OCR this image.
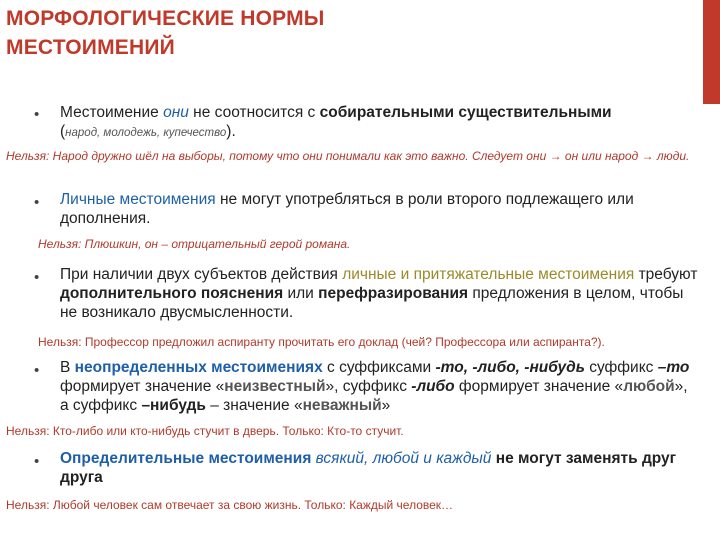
МОРФОЛОГИЧЕСКИЕ НОРМЫ
МЕСТОИМЕНИЙ
• Местоимение они не соотносится с собирательными существительными
(народ, молодежь, купечество).
Нельзя: Народ дружно шёл на выборы, потому что они понимали как это важно. Следует они → он или народ → люди.
• Личные местоимения не могут употребляться в роли второго подлежащего или дополнения.
Нельзя: Плюшкин, он – отрицательный герой романа.
• При наличии двух субъектов действия личные и притяжательные местоимения требуют дополнительного пояснения или перефразирования предложения в целом, чтобы не возникало двусмысленности.
Нельзя: Профессор предложил аспиранту прочитать его доклад (чей? Профессора или аспиранта?).
• В неопределенных местоимениях с суффиксами -то, -либо, -нибудь суффикс –то формирует значение «неизвестный», суффикс -либо формирует значение «любой», а суффикс –нибудь – значение «неважный»
Нельзя: Кто-либо или кто-нибудь стучит в дверь. Только: Кто-то стучит.
• Определительные местоимения всякий, любой и каждый не могут заменять друг друга
Нельзя: Любой человек сам отвечает за свою жизнь. Только: Каждый человек…
